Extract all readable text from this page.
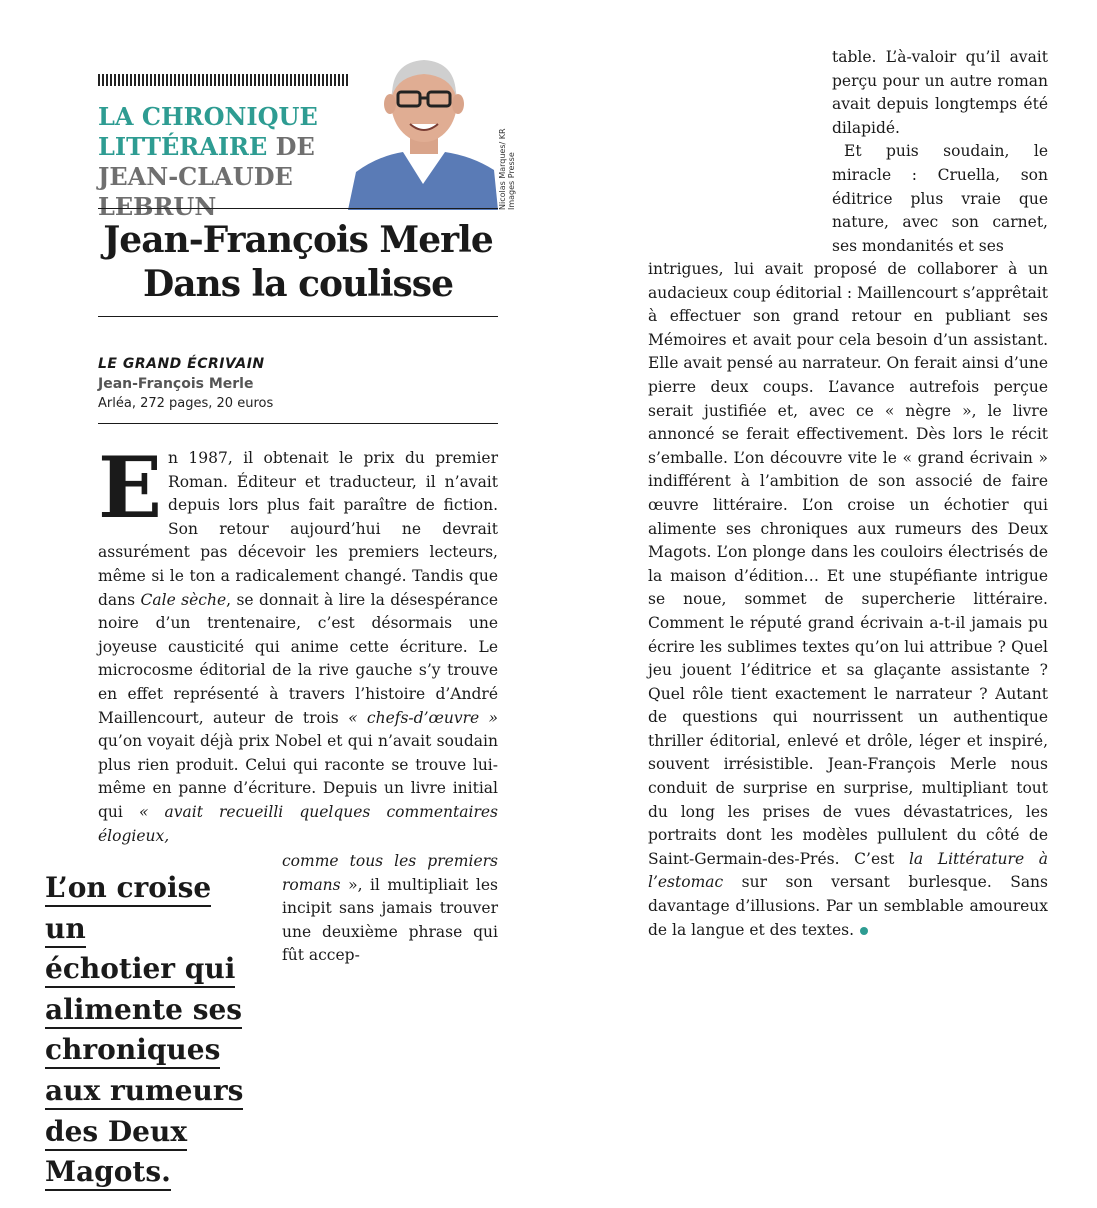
LA CHRONIQUE LITTÉRAIRE DE JEAN-CLAUDE LEBRUN	Nicolas Marques/ KR Images Presse
Jean-François Merle
Dans la coulisse
LE GRAND ÉCRIVAIN
Jean-François Merle
Arléa, 272 pages, 20 euros
En 1987, il obtenait le prix du premier Roman. Éditeur et traducteur, il n’avait depuis lors plus fait paraître de fiction. Son retour aujourd’hui ne devrait assurément pas décevoir les premiers lecteurs, même si le ton a radicalement changé. Tandis que dans Cale sèche, se donnait à lire la désespérance noire d’un trentenaire, c’est désormais une joyeuse causticité qui anime cette écriture. Le microcosme éditorial de la rive gauche s’y trouve en effet représenté à travers l’histoire d’André Maillencourt, auteur de trois « chefs-d’œuvre » qu’on voyait déjà prix Nobel et qui n’avait soudain plus rien produit. Celui qui raconte se trouve lui-même en panne d’écriture. Depuis un livre initial qui « avait recueilli quelques commentaires élogieux,
comme tous les premiers romans », il multipliait les incipit sans jamais trouver une deuxième phrase qui fût accep-
L’on croise un
échotier qui
alimente ses
chroniques
aux rumeurs
des Deux
Magots.
table. L’à-valoir qu’il avait perçu pour un autre roman avait depuis longtemps été dilapidé.
Et puis soudain, le miracle : Cruella, son éditrice plus vraie que nature, avec son carnet, ses mondanités et ses
intrigues, lui avait proposé de collaborer à un audacieux coup éditorial : Maillencourt s’apprêtait à effectuer son grand retour en publiant ses Mémoires et avait pour cela besoin d’un assistant. Elle avait pensé au narrateur. On ferait ainsi d’une pierre deux coups. L’avance autrefois perçue serait justifiée et, avec ce « nègre », le livre annoncé se ferait effectivement. Dès lors le récit s’emballe. L’on découvre vite le « grand écrivain » indifférent à l’ambition de son associé de faire œuvre littéraire. L’on croise un échotier qui alimente ses chroniques aux rumeurs des Deux Magots. L’on plonge dans les couloirs électrisés de la maison d’édition… Et une stupéfiante intrigue se noue, sommet de supercherie littéraire. Comment le réputé grand écrivain a-t-il jamais pu écrire les sublimes textes qu’on lui attribue ? Quel jeu jouent l’éditrice et sa glaçante assistante ? Quel rôle tient exactement le narrateur ? Autant de questions qui nourrissent un authentique thriller éditorial, enlevé et drôle, léger et inspiré, souvent irrésistible. Jean-François Merle nous conduit de surprise en surprise, multipliant tout du long les prises de vues dévastatrices, les portraits dont les modèles pullulent du côté de Saint-Germain-des-Prés. C’est la Littérature à l’estomac sur son versant burlesque. Sans davantage d’illusions. Par un semblable amoureux de la langue et des textes.
